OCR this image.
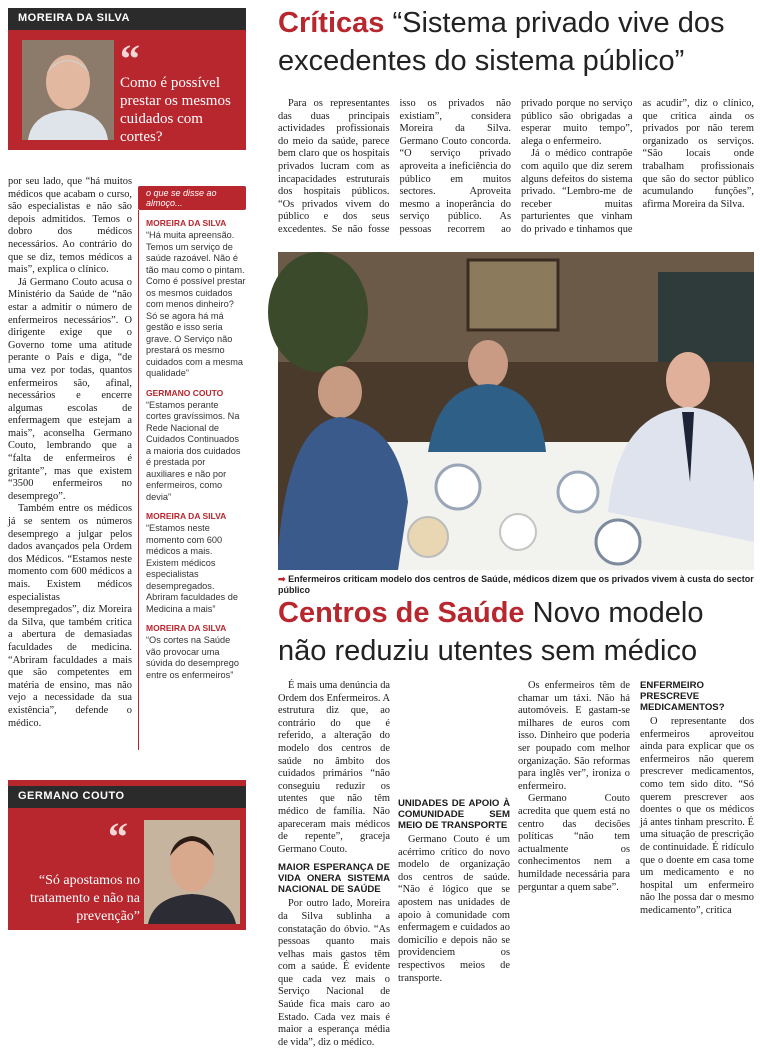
MOREIRA DA SILVA
“
Como é possível prestar os mesmos cuidados com cortes?
Críticas “Sistema privado vive dos excedentes do sistema público”

Para os representantes das duas principais actividades profissionais do meio da saúde, parece bem claro que os hospitais privados lucram com as incapacidades estruturais dos hospitais públicos. “Os privados vivem do público e dos seus excedentes. Se não fosse isso os privados não existiam”, considera Moreira da Silva. Germano Couto concorda. “O serviço privado aproveita a ineficiência do público em muitos sectores. Aproveita mesmo a inoperância do serviço público. As pessoas recorrem ao privado porque no serviço público são obrigadas a esperar muito tempo”, alega o enfermeiro.

Já o médico contrapõe com aquilo que diz serem alguns defeitos do sistema privado. “Lembro-me de receber muitas parturientes que vinham do privado e tinhamos que as acudir”, diz o clínico, que critica ainda os privados por não terem organizado os serviços. “São locais onde trabalham profissionais que são do sector público acumulando funções”, afirma Moreira da Silva.

por seu lado, que “há muitos médicos que acabam o curso, são especialistas e não são depois admitidos. Temos o dobro dos médicos necessários. Ao contrário do que se diz, temos médicos a mais”, explica o clínico.

Já Germano Couto acusa o Ministério da Saúde de “não estar a admitir o número de enfermeiros necessários”. O dirigente exige que o Governo tome uma atitude perante o País e diga, “de uma vez por todas, quantos enfermeiros são, afinal, necessários e encerre algumas escolas de enfermagem que estejam a mais”, aconselha Germano Couto, lembrando que a “falta de enfermeiros é gritante”, mas que existem “3500 enfermeiros no desemprego”.

Também entre os médicos já se sentem os números desemprego a julgar pelos dados avançados pela Ordem dos Médicos. “Estamos neste momento com 600 médicos a mais. Existem médicos especialistas desempregados”, diz Moreira da Silva, que também critica a abertura de demasiadas faculdades de medicina. “Abriram faculdades a mais que são competentes em matéria de ensino, mas não vejo a necessidade da sua existência”, defende o médico.

o que se disse ao almoço...
MOREIRA DA SILVA
“Há muita apreensão. Temos um serviço de saúde razoável. Não é tão mau como o pintam. Como é possível prestar os mesmos cuidados com menos dinheiro? Só se agora há má gestão e isso seria grave. O Serviço não prestará os mesmo cuidados com a mesma qualidade”
GERMANO COUTO
“Estamos perante cortes gravíssimos. Na Rede Nacional de Cuidados Continuados a maioria dos cuidados é prestada por auxiliares e não por enfermeiros, como devia”
MOREIRA DA SILVA
“Estamos neste momento com 600 médicos a mais. Existem médicos especialistas desempregados. Abriram faculdades de Medicina a mais”
MOREIRA DA SILVA
“Os cortes na Saúde vão provocar uma súvida do desemprego entre os enfermeiros”
➡ Enfermeiros criticam modelo dos centros de Saúde, médicos dizem que os privados vivem à custa do sector público
Centros de Saúde Novo modelo não reduziu utentes sem médico

É mais uma denúncia da Ordem dos Enfermeiros. A estrutura diz que, ao contrário do que é referido, a alteração do modelo dos centros de saúde no âmbito dos cuidados primários “não conseguiu reduzir os utentes que não têm médico de família. Não apareceram mais médicos de repente”, graceja Germano Couto.

MAIOR ESPERANÇA DE VIDA ONERA SISTEMA NACIONAL DE SAÚDE

Por outro lado, Moreira da Silva sublinha a constatação do óbvio. “As pessoas quanto mais velhas mais gastos têm com a saúde. É evidente que cada vez mais o Serviço Nacional de Saúde fica mais caro ao Estado. Cada vez mais é maior a esperança média de vida”, diz o médico.

UNIDADES DE APOIO À COMUNIDADE SEM MEIO DE TRANSPORTE

Germano Couto é um acérrimo crítico do novo modelo de organização dos centros de saúde. “Não é lógico que se apostem nas unidades de apoio à comunidade com enfermagem e cuidados ao domicílio e depois não se providenciem os respectivos meios de transporte.

Os enfermeiros têm de chamar um táxi. Não há automóveis. E gastam-se milhares de euros com isso. Dinheiro que poderia ser poupado com melhor organização. São reformas para inglês ver”, ironiza o enfermeiro.

Germano Couto acredita que quem está no centro das decisões políticas “não tem actualmente os conhecimentos nem a humildade necessária para perguntar a quem sabe”.

ENFERMEIRO PRESCREVE MEDICAMENTOS?

O representante dos enfermeiros aproveitou ainda para explicar que os enfermeiros não querem prescrever medicamentos, como tem sido dito. “Só querem prescrever aos doentes o que os médicos já antes tinham prescrito. É uma situação de prescrição de continuidade. É ridículo que o doente em casa tome um medicamento e no hospital um enfermeiro não lhe possa dar o mesmo medicamento”, critica

GERMANO COUTO
“
“Só apostamos no tratamento e não na prevenção”
